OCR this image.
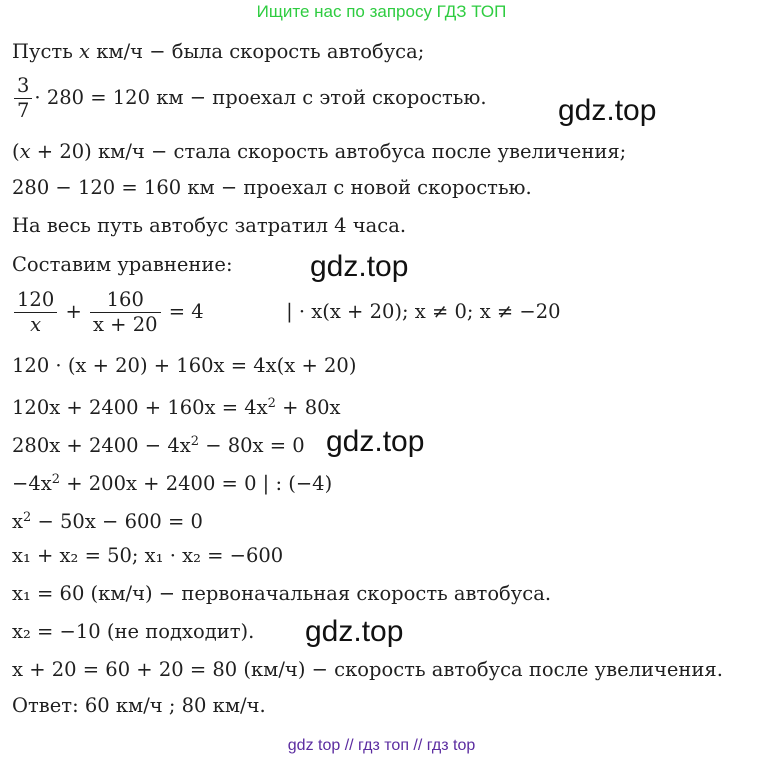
Ищите нас по запросу ГДЗ ТОП
Пусть x км/ч − была скорость автобуса;
$\frac{3}{7} \cdot 280 = 120$ км − проехал с этой скоростью.
(x + 20) км/ч − стала скорость автобуса после увеличения;
280 − 120 = 160 км − проехал с новой скоростью.
На весь путь автобус затратил 4 часа.
Составим уравнение:
$\frac{120}{x} + \frac{160}{x + 20} = 4$	| · x(x + 20); x ≠ 0; x ≠ −20
120 · (x + 20) + 160x = 4x(x + 20)
$120x + 2400 + 160x = 4x^2 + 80x$
$280x + 2400 - 4x^2 - 80x = 0$
$-4x^2 + 200x + 2400 = 0$ | : (−4)
$x^2 - 50x - 600 = 0$
x₁ + x₂ = 50; x₁ · x₂ = −600
x₁ = 60 (км/ч) − первоначальная скорость автобуса.
x₂ = −10 (не подходит).
x + 20 = 60 + 20 = 80 (км/ч) − скорость автобуса после увеличения.
Ответ: 60 км/ч ; 80 км/ч.
gdz.top
gdz.top
gdz.top
gdz.top
gdz top // гдз топ // гдз top
